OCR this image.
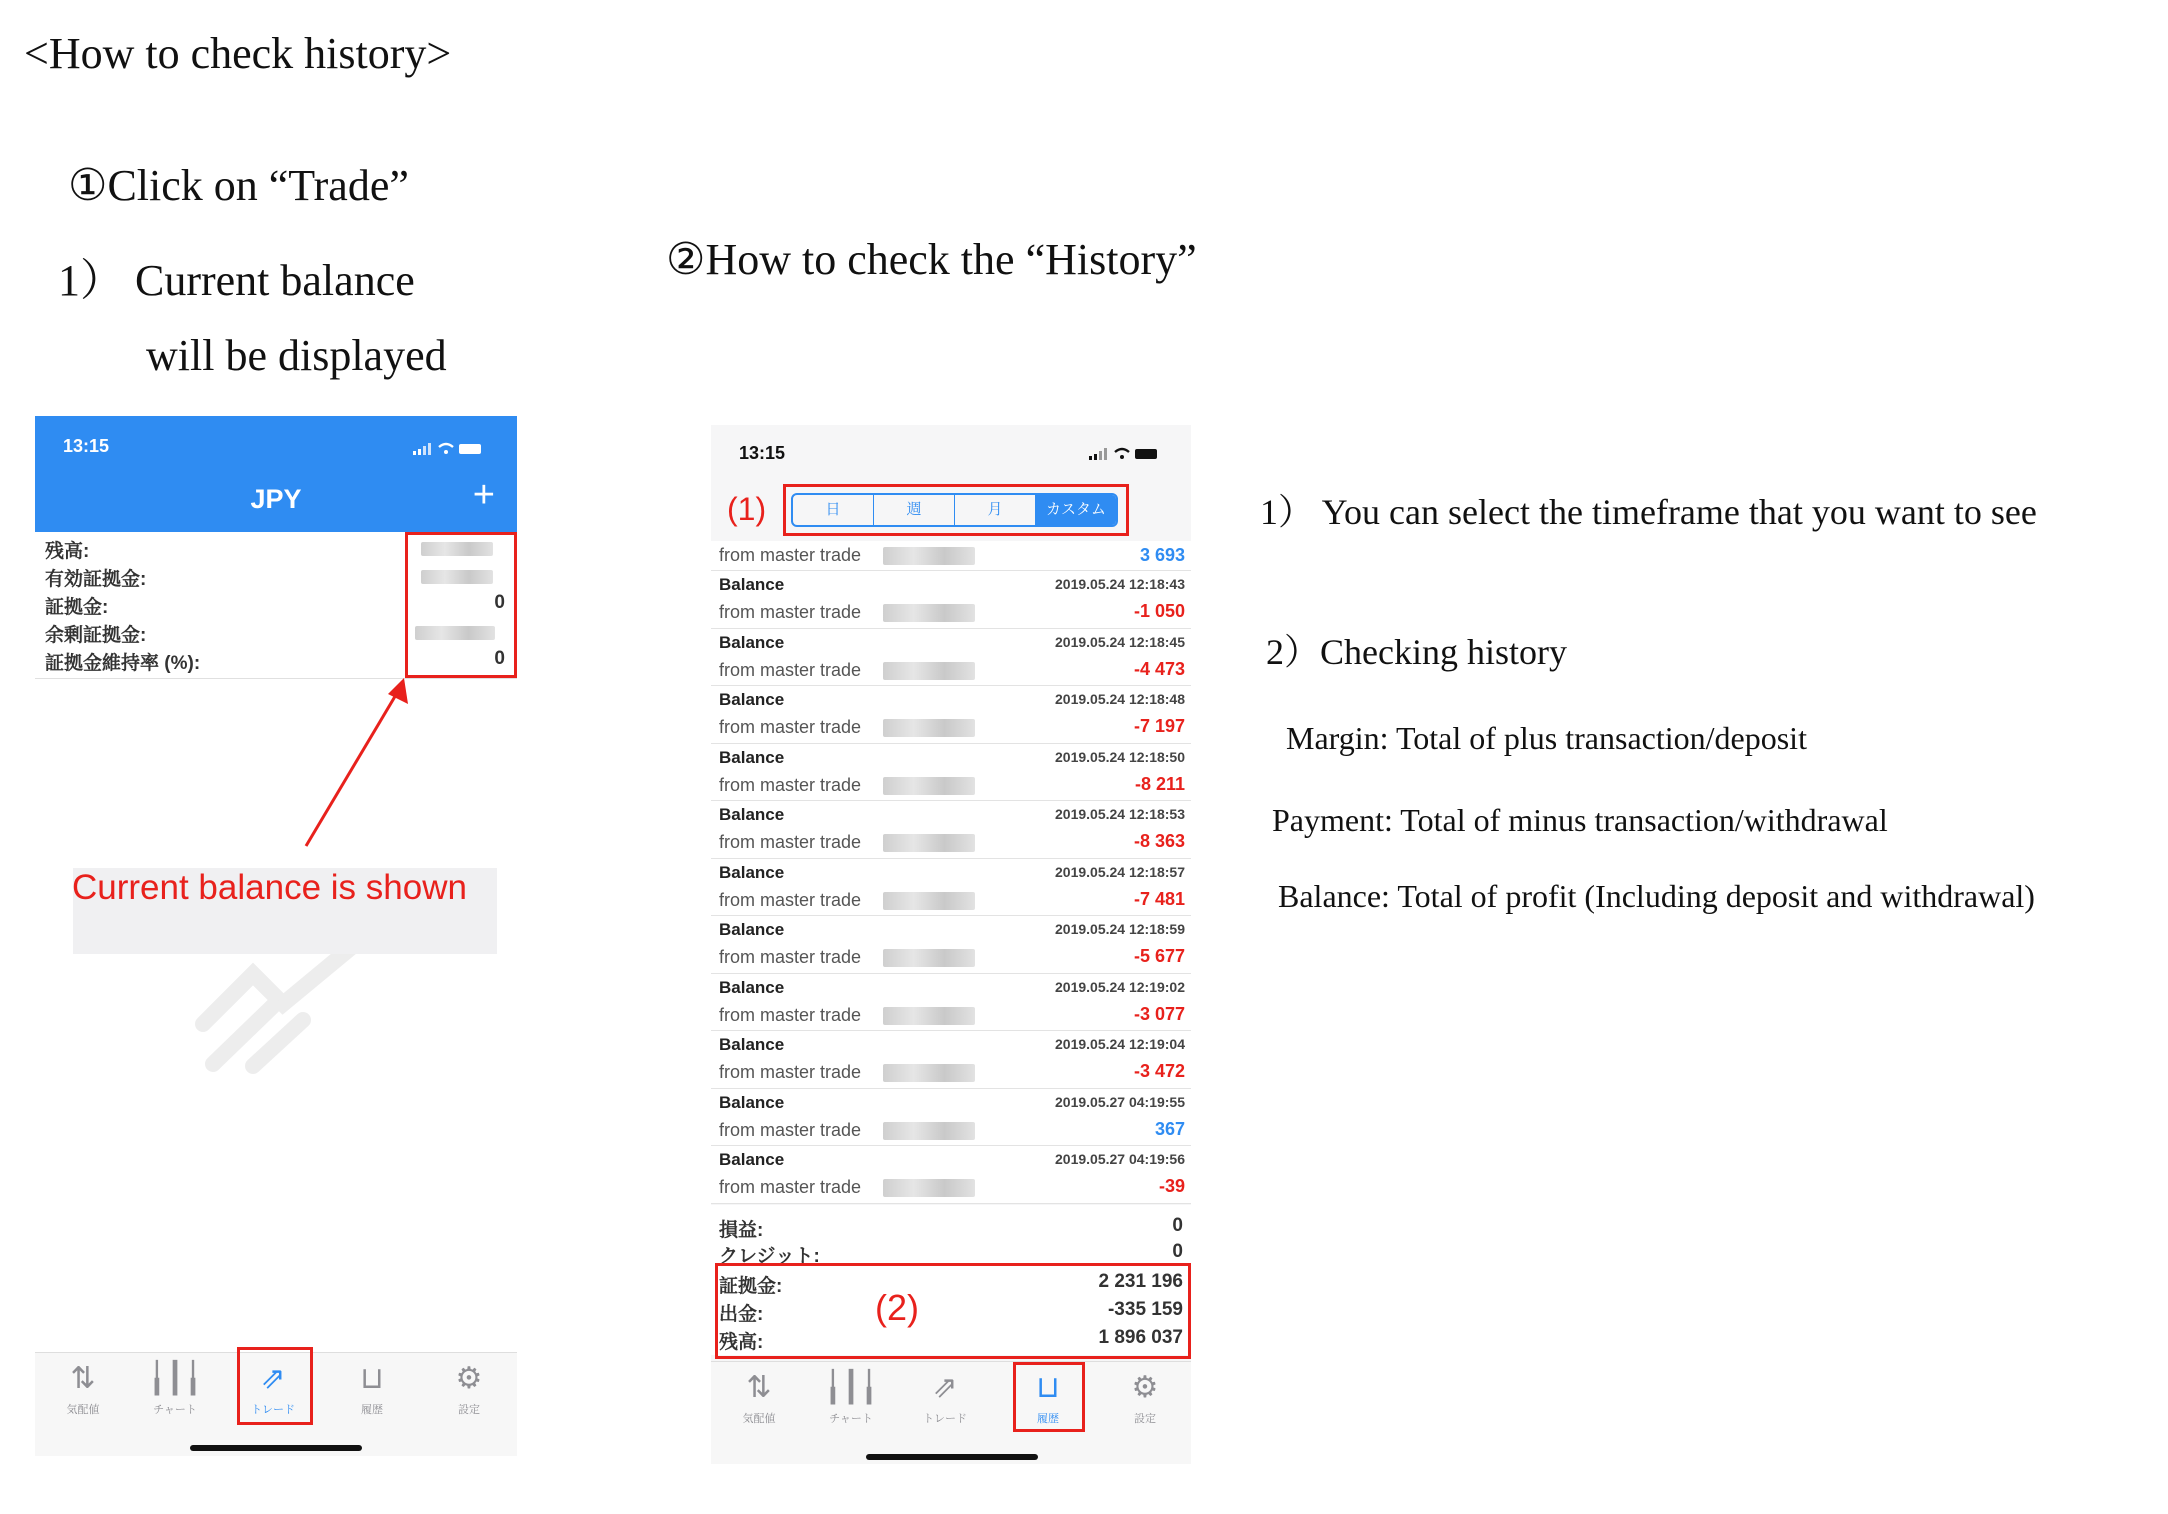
<How to check history>
①Click on “Trade”
1） Current balance
will be displayed
②How to check the “History”
1） You can select the timeframe that you want to see
2）Checking history
Margin: Total of plus transaction/deposit
Payment: Total of minus transaction/withdrawal
Balance: Total of profit (Including deposit and withdrawal)
13:15
JPY	+
残高:
有効証拠金:
証拠金:	0
余剰証拠金:
証拠金維持率 (%):	0
⇅
気配値
╽┃╽
チャート
⇗
トレード
⊔
履歴
⚙
設定
Current balance is shown
13:15
(1)	日	週	月	カスタム
from master trade	3 693
Balance	2019.05.24 12:18:43
from master trade	-1 050
Balance	2019.05.24 12:18:45
from master trade	-4 473
Balance	2019.05.24 12:18:48
from master trade	-7 197
Balance	2019.05.24 12:18:50
from master trade	-8 211
Balance	2019.05.24 12:18:53
from master trade	-8 363
Balance	2019.05.24 12:18:57
from master trade	-7 481
Balance	2019.05.24 12:18:59
from master trade	-5 677
Balance	2019.05.24 12:19:02
from master trade	-3 077
Balance	2019.05.24 12:19:04
from master trade	-3 472
Balance	2019.05.27 04:19:55
from master trade	367
Balance	2019.05.27 04:19:56
from master trade	-39
損益:	0
クレジット:	0
証拠金:	2 231 196
出金:	-335 159
残高:	1 896 037
(2)
⇅
気配値
╽┃╽
チャート
⇗
トレード
⊔
履歴
⚙
設定
